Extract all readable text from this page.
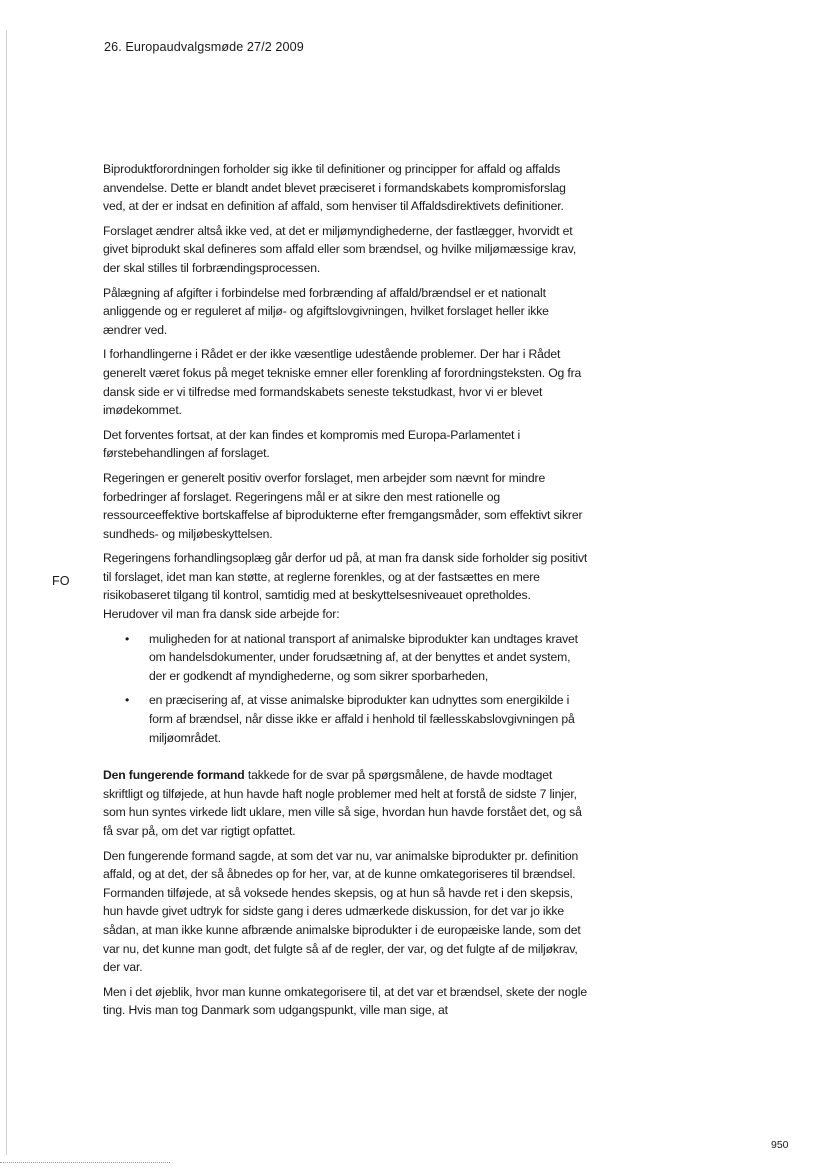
26. Europaudvalgsmøde 27/2 2009
FO

Biproduktforordningen forholder sig ikke til definitioner og principper for affald og affalds anvendelse. Dette er blandt andet blevet præciseret i formandskabets kompromisforslag ved, at der er indsat en definition af affald, som henviser til Affaldsdirektivets definitioner.

Forslaget ændrer altså ikke ved, at det er miljømyndighederne, der fastlægger, hvorvidt et givet biprodukt skal defineres som affald eller som brændsel, og hvilke miljømæssige krav, der skal stilles til forbrændingsprocessen.

Pålægning af afgifter i forbindelse med forbrænding af affald/brændsel er et nationalt anliggende og er reguleret af miljø- og afgiftslovgivningen, hvilket forslaget heller ikke ændrer ved.

I forhandlingerne i Rådet er der ikke væsentlige udestående problemer. Der har i Rådet generelt været fokus på meget tekniske emner eller forenkling af forordningsteksten. Og fra dansk side er vi tilfredse med formandskabets seneste tekstudkast, hvor vi er blevet imødekommet.

Det forventes fortsat, at der kan findes et kompromis med Europa-Parlamentet i førstebehandlingen af forslaget.

Regeringen er generelt positiv overfor forslaget, men arbejder som nævnt for mindre forbedringer af forslaget. Regeringens mål er at sikre den mest rationelle og ressourceeffektive bortskaffelse af biprodukterne efter fremgangsmåder, som effektivt sikrer sundheds- og miljøbeskyttelsen.

Regeringens forhandlingsoplæg går derfor ud på, at man fra dansk side forholder sig positivt til forslaget, idet man kan støtte, at reglerne forenkles, og at der fastsættes en mere risikobaseret tilgang til kontrol, samtidig med at beskyttelsesniveauet opretholdes. Herudover vil man fra dansk side arbejde for:

• muligheden for at national transport af animalske biprodukter kan undtages kravet om handelsdokumenter, under forudsætning af, at der benyttes et andet system, der er godkendt af myndighederne, og som sikrer sporbarheden,
• en præcisering af, at visse animalske biprodukter kan udnyttes som energikilde i form af brændsel, når disse ikke er affald i henhold til fællesskabslovgivningen på miljøområdet.

Den fungerende formand takkede for de svar på spørgsmålene, de havde modtaget skriftligt og tilføjede, at hun havde haft nogle problemer med helt at forstå de sidste 7 linjer, som hun syntes virkede lidt uklare, men ville så sige, hvordan hun havde forstået det, og så få svar på, om det var rigtigt opfattet.

Den fungerende formand sagde, at som det var nu, var animalske biprodukter pr. definition affald, og at det, der så åbnedes op for her, var, at de kunne omkategoriseres til brændsel. Formanden tilføjede, at så voksede hendes skepsis, og at hun så havde ret i den skepsis, hun havde givet udtryk for sidste gang i deres udmærkede diskussion, for det var jo ikke sådan, at man ikke kunne afbrænde animalske biprodukter i de europæiske lande, som det var nu, det kunne man godt, det fulgte så af de regler, der var, og det fulgte af de miljøkrav, der var.

Men i det øjeblik, hvor man kunne omkategorisere til, at det var et brændsel, skete der nogle ting. Hvis man tog Danmark som udgangspunkt, ville man sige, at

950
